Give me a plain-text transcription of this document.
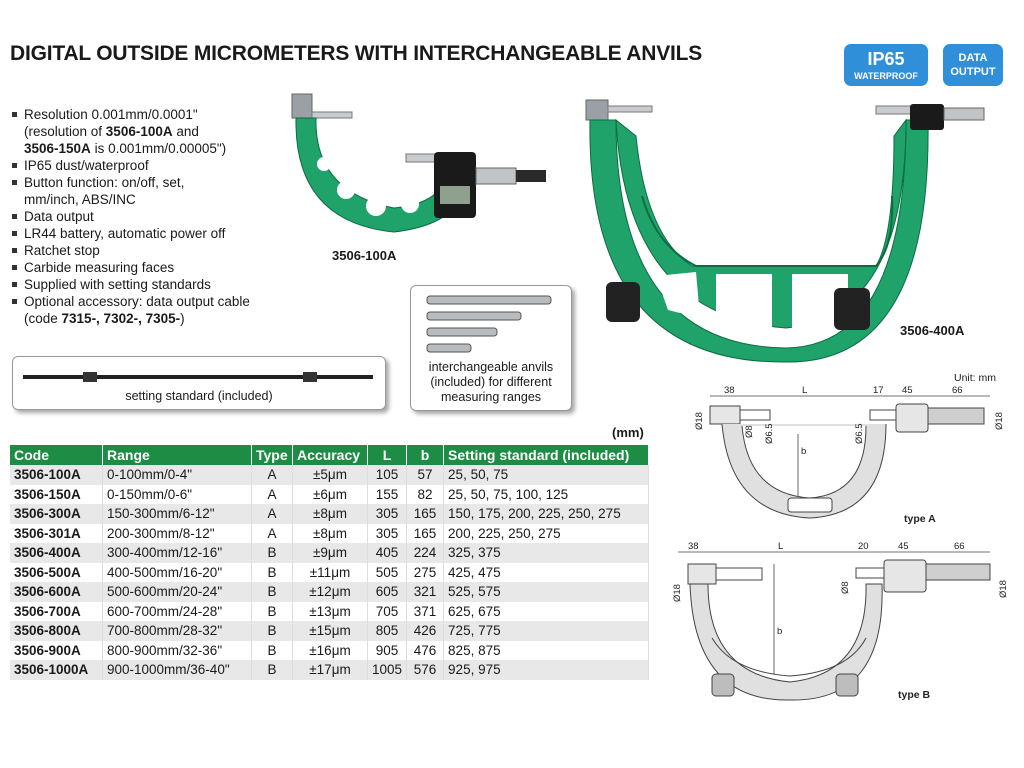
DIGITAL OUTSIDE MICROMETERS WITH INTERCHANGEABLE ANVILS	IP65
WATERPROOF
DATA
OUTPUT
Resolution 0.001mm/0.0001"
(resolution of 3506-100A and
3506-150A is 0.001mm/0.00005")
IP65 dust/waterproof
Button function: on/off, set,
mm/inch, ABS/INC
Data output
LR44 battery, automatic power off
Ratchet stop
Carbide measuring faces
Supplied with setting standards
Optional accessory: data output cable
(code 7315-, 7302-, 7305-)
3506-100A
3506-400A
setting standard (included)
interchangeable anvils
(included) for different
measuring ranges
(mm)
Code	Range	Type	Accuracy	L	b	Setting standard (included)
3506-100A	0-100mm/0-4"	A	±5μm	105	57	25, 50, 75
3506-150A	0-150mm/0-6"	A	±6μm	155	82	25, 50, 75, 100, 125
3506-300A	150-300mm/6-12"	A	±8μm	305	165	150, 175, 200, 225, 250, 275
3506-301A	200-300mm/8-12"	A	±8μm	305	165	200, 225, 250, 275
3506-400A	300-400mm/12-16"	B	±9μm	405	224	325, 375
3506-500A	400-500mm/16-20"	B	±11μm	505	275	425, 475
3506-600A	500-600mm/20-24"	B	±12μm	605	321	525, 575
3506-700A	600-700mm/24-28"	B	±13μm	705	371	625, 675
3506-800A	700-800mm/28-32"	B	±15μm	805	426	725, 775
3506-900A	800-900mm/32-36"	B	±16μm	905	476	825, 875
3506-1000A	900-1000mm/36-40"	B	±17μm	1005	576	925, 975
Unit: mm
38	L	17 45	66
b
Ø18
Ø8 Ø6.5	Ø6.5
Ø18
type A
38	L	20	45	66
b
Ø18	Ø8	Ø18
type B
